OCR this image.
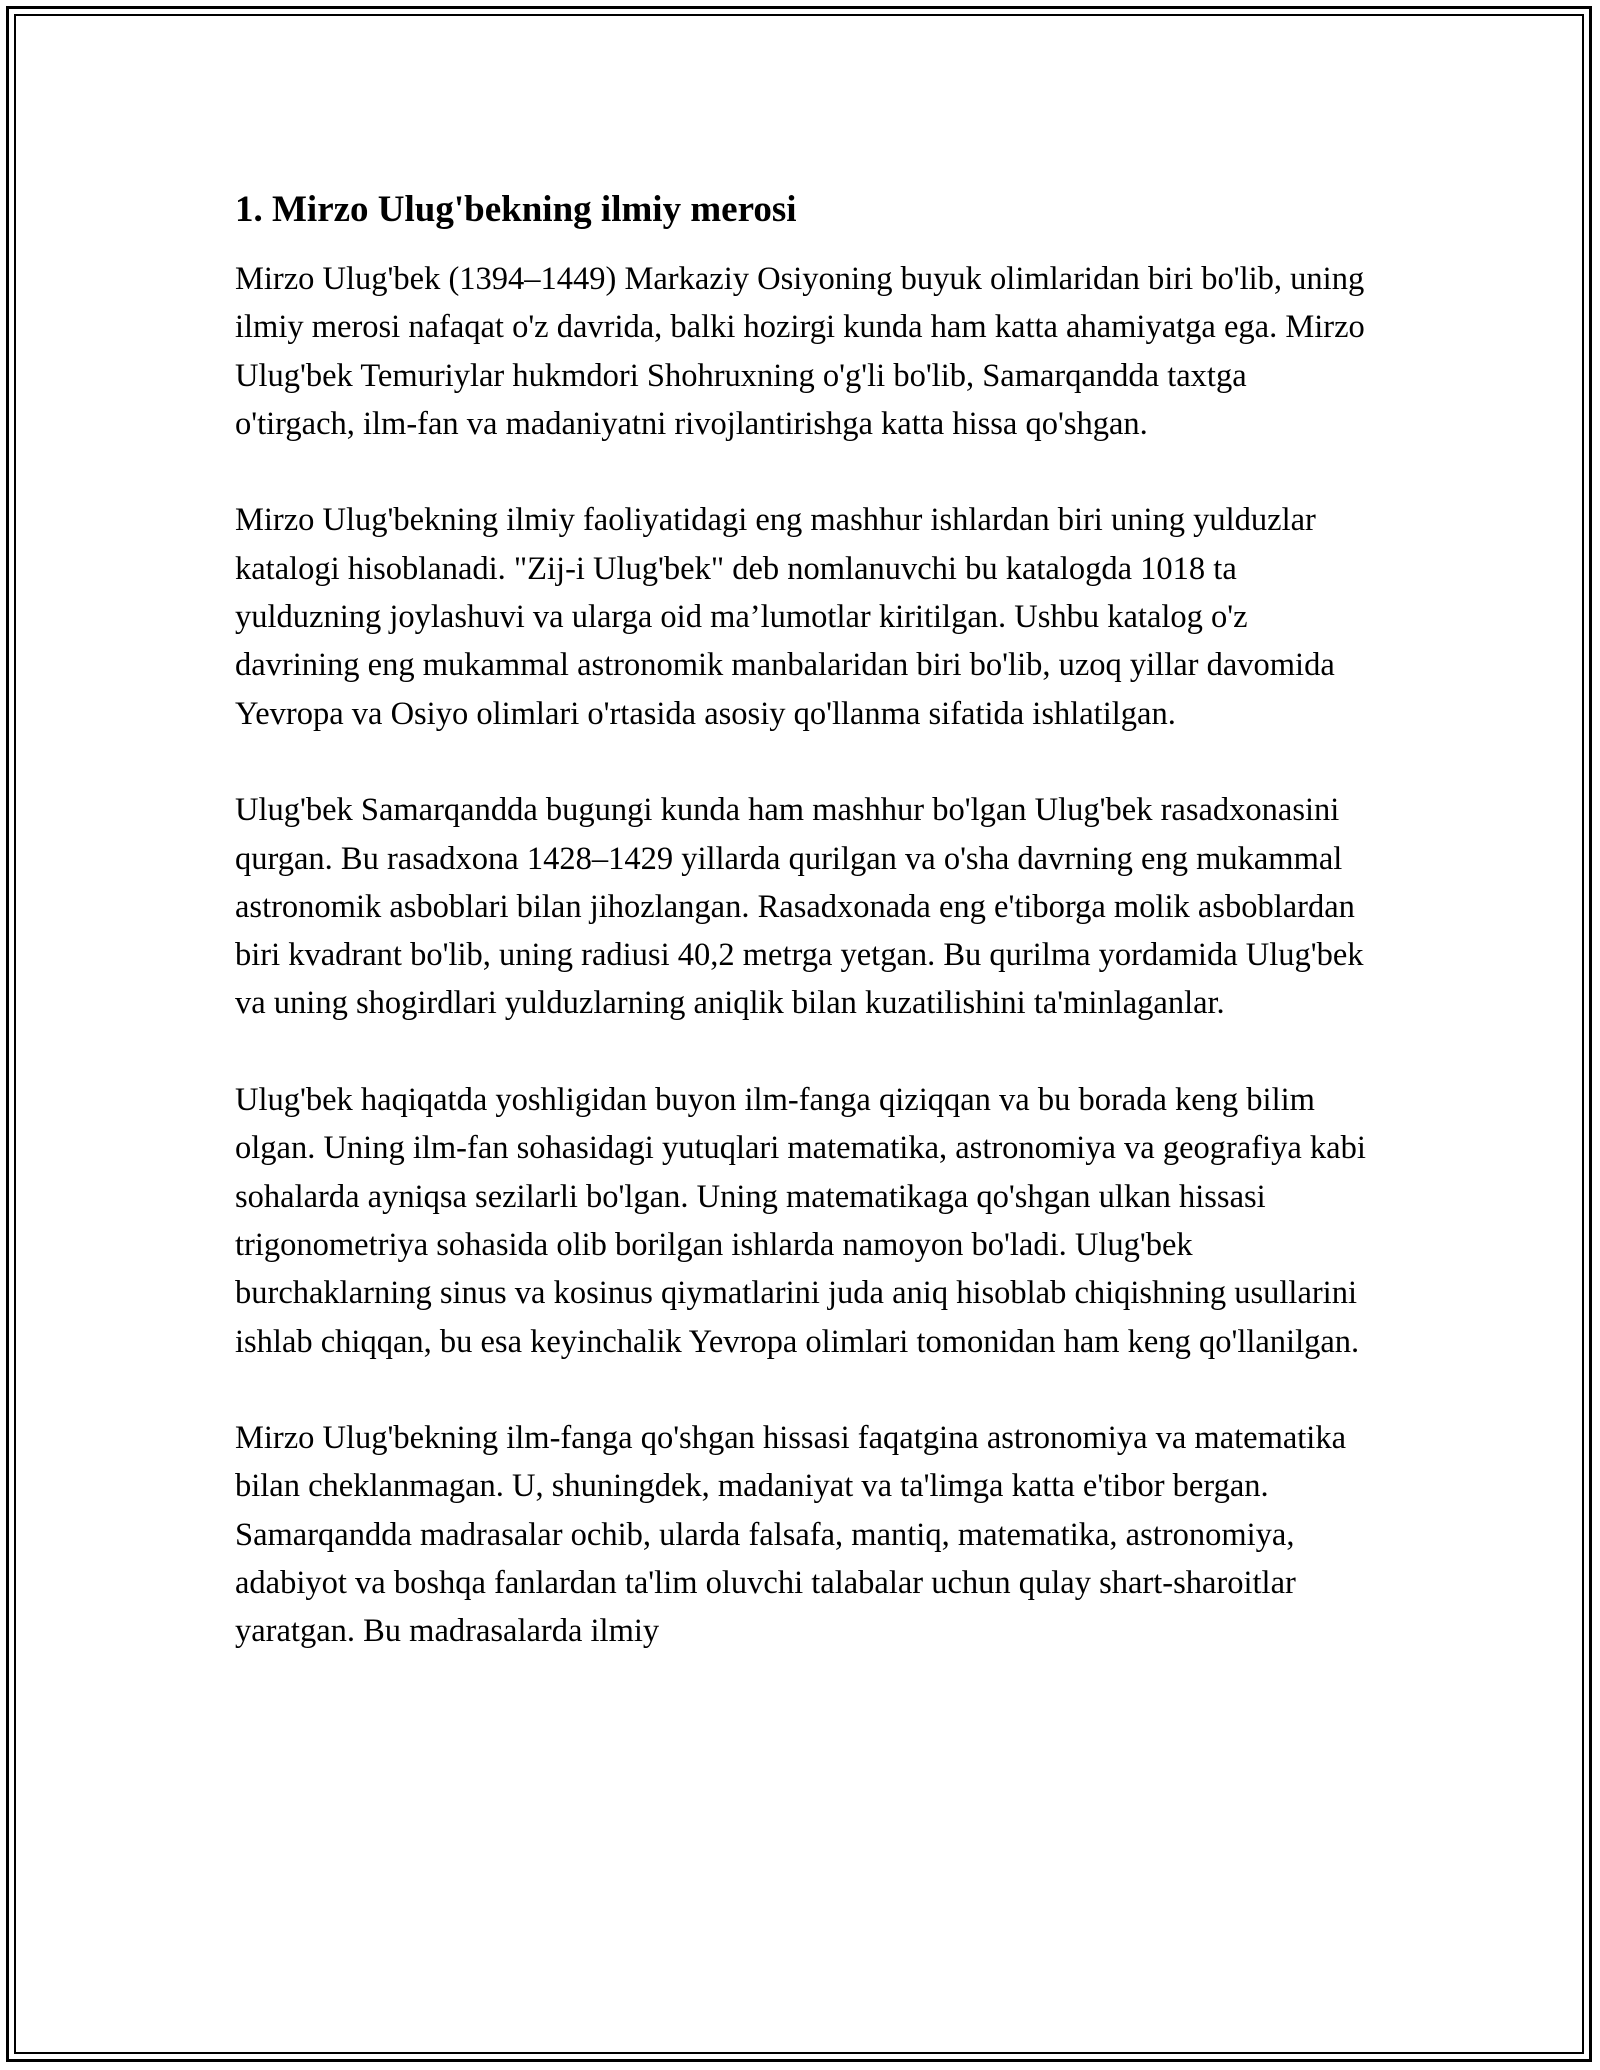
1. Mirzo Ulug'bekning ilmiy merosi

Mirzo Ulug'bek (1394–1449) Markaziy Osiyoning buyuk olimlaridan biri bo'lib, uning ilmiy merosi nafaqat o'z davrida, balki hozirgi kunda ham katta ahamiyatga ega. Mirzo Ulug'bek Temuriylar hukmdori Shohruxning o'g'li bo'lib, Samarqandda taxtga o'tirgach, ilm-fan va madaniyatni rivojlantirishga katta hissa qo'shgan.

Mirzo Ulug'bekning ilmiy faoliyatidagi eng mashhur ishlardan biri uning yulduzlar katalogi hisoblanadi. "Zij-i Ulug'bek" deb nomlanuvchi bu katalogda 1018 ta yulduzning joylashuvi va ularga oid ma’lumotlar kiritilgan. Ushbu katalog o'z davrining eng mukammal astronomik manbalaridan biri bo'lib, uzoq yillar davomida Yevropa va Osiyo olimlari o'rtasida asosiy qo'llanma sifatida ishlatilgan.

Ulug'bek Samarqandda bugungi kunda ham mashhur bo'lgan Ulug'bek rasadxonasini qurgan. Bu rasadxona 1428–1429 yillarda qurilgan va o'sha davrning eng mukammal astronomik asboblari bilan jihozlangan. Rasadxonada eng e'tiborga molik asboblardan biri kvadrant bo'lib, uning radiusi 40,2 metrga yetgan. Bu qurilma yordamida Ulug'bek va uning shogirdlari yulduzlarning aniqlik bilan kuzatilishini ta'minlaganlar.

Ulug'bek haqiqatda yoshligidan buyon ilm-fanga qiziqqan va bu borada keng bilim olgan. Uning ilm-fan sohasidagi yutuqlari matematika, astronomiya va geografiya kabi sohalarda ayniqsa sezilarli bo'lgan. Uning matematikaga qo'shgan ulkan hissasi trigonometriya sohasida olib borilgan ishlarda namoyon bo'ladi. Ulug'bek burchaklarning sinus va kosinus qiymatlarini juda aniq hisoblab chiqishning usullarini ishlab chiqqan, bu esa keyinchalik Yevropa olimlari tomonidan ham keng qo'llanilgan.

Mirzo Ulug'bekning ilm-fanga qo'shgan hissasi faqatgina astronomiya va matematika bilan cheklanmagan. U, shuningdek, madaniyat va ta'limga katta e'tibor bergan. Samarqandda madrasalar ochib, ularda falsafa, mantiq, matematika, astronomiya, adabiyot va boshqa fanlardan ta'lim oluvchi talabalar uchun qulay shart-sharoitlar yaratgan. Bu madrasalarda ilmiy
